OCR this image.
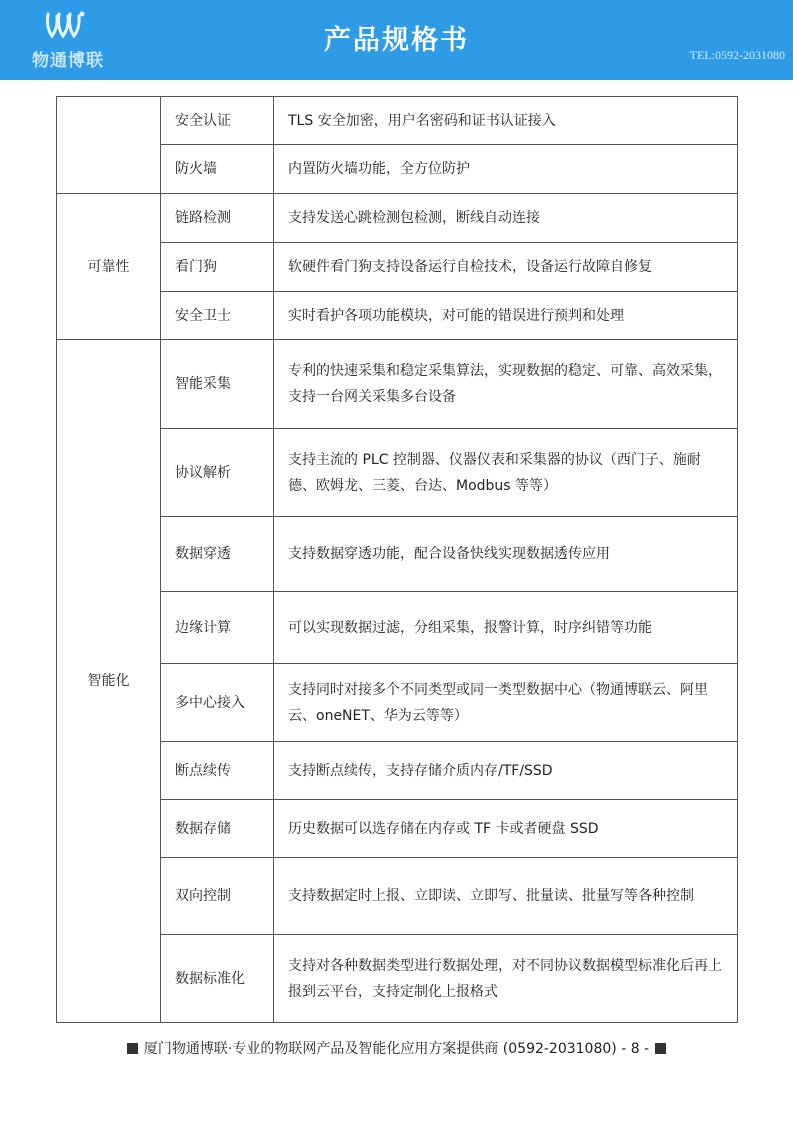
物通博联
产品规格书	TEL:0592-2031080
	安全认证	TLS 安全加密，用户名密码和证书认证接入
	防火墙	内置防火墙功能，全方位防护
可靠性	链路检测	支持发送心跳检测包检测，断线自动连接
	看门狗	软硬件看门狗支持设备运行自检技术，设备运行故障自修复
	安全卫士	实时看护各项功能模块，对可能的错误进行预判和处理
智能化	智能采集	专利的快速采集和稳定采集算法，实现数据的稳定、可靠、高效采集，支持一台网关采集多台设备
	协议解析	支持主流的 PLC 控制器、仪器仪表和采集器的协议（西门子、施耐德、欧姆龙、三菱、台达、Modbus 等等）
	数据穿透	支持数据穿透功能，配合设备快线实现数据透传应用
	边缘计算	可以实现数据过滤，分组采集，报警计算，时序纠错等功能
	多中心接入	支持同时对接多个不同类型或同一类型数据中心（物通博联云、阿里云、oneNET、华为云等等）
	断点续传	支持断点续传，支持存储介质内存/TF/SSD
	数据存储	历史数据可以选存储在内存或 TF 卡或者硬盘 SSD
	双向控制	支持数据定时上报、立即读、立即写、批量读、批量写等各种控制
	数据标准化	支持对各种数据类型进行数据处理，对不同协议数据模型标准化后再上报到云平台，支持定制化上报格式
厦门物通博联·专业的物联网产品及智能化应用方案提供商 (0592-2031080) - 8 -
